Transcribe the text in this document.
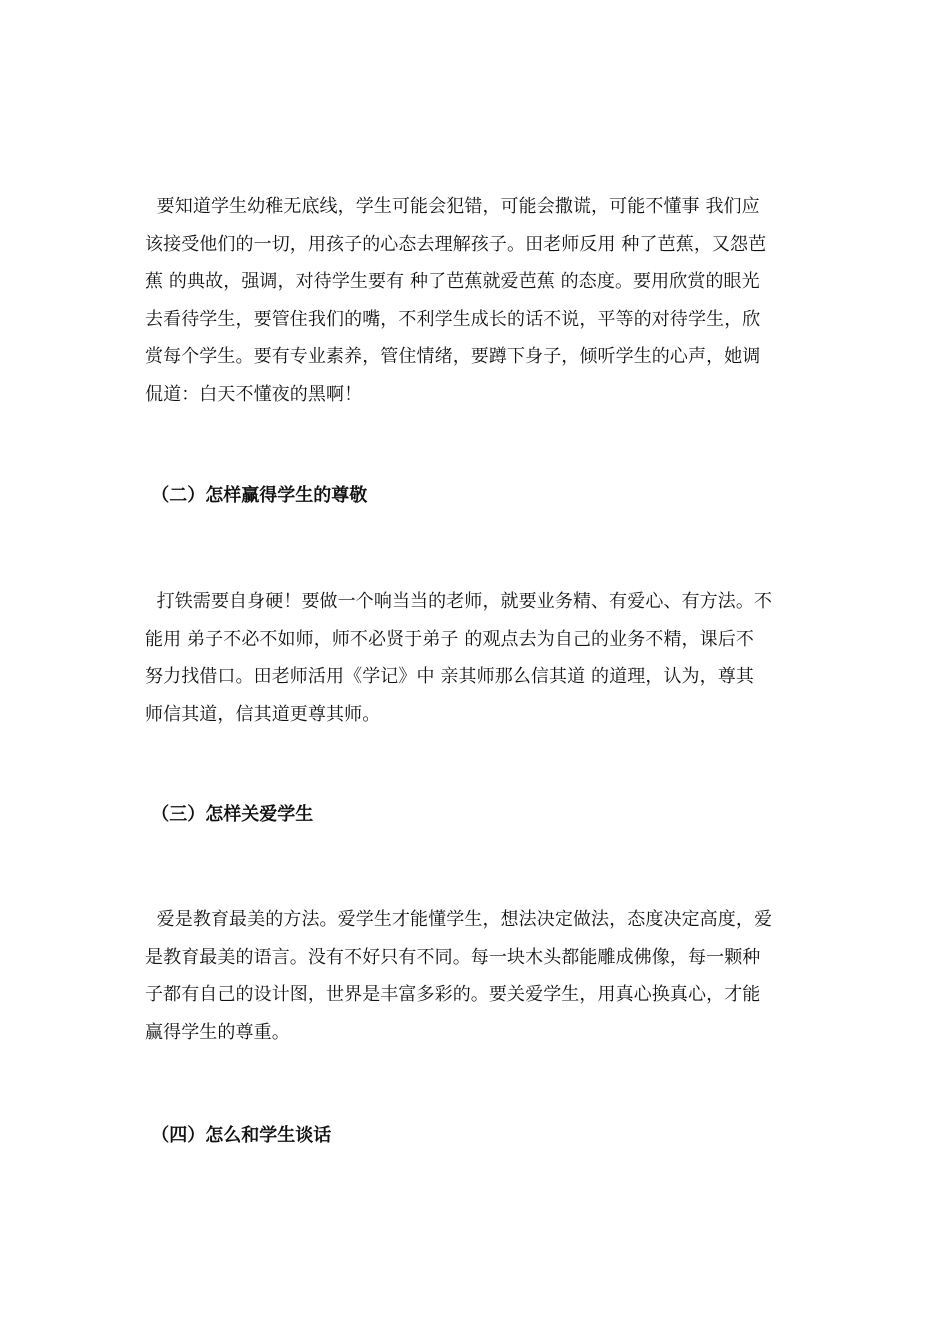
要知道学生幼稚无底线，学生可能会犯错，可能会撒谎，可能不懂事 我们应
该接受他们的一切，用孩子的心态去理解孩子。田老师反用 种了芭蕉，又怨芭
蕉 的典故，强调，对待学生要有 种了芭蕉就爱芭蕉 的态度。要用欣赏的眼光
去看待学生，要管住我们的嘴，不利学生成长的话不说，平等的对待学生，欣
赏每个学生。要有专业素养，管住情绪，要蹲下身子，倾听学生的心声，她调
侃道：白天不懂夜的黑啊！

（二）怎样赢得学生的尊敬

打铁需要自身硬！要做一个响当当的老师，就要业务精、有爱心、有方法。不
能用 弟子不必不如师，师不必贤于弟子 的观点去为自己的业务不精，课后不
努力找借口。田老师活用《学记》中 亲其师那么信其道 的道理，认为，尊其
师信其道，信其道更尊其师。

（三）怎样关爱学生

爱是教育最美的方法。爱学生才能懂学生，想法决定做法，态度决定高度，爱
是教育最美的语言。没有不好只有不同。每一块木头都能雕成佛像，每一颗种
子都有自己的设计图，世界是丰富多彩的。要关爱学生，用真心换真心，才能
赢得学生的尊重。

（四）怎么和学生谈话
